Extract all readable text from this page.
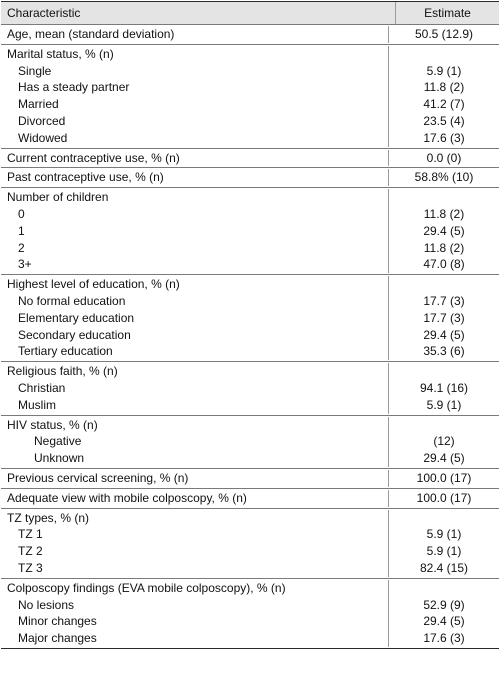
Characteristic	Estimate
Age, mean (standard deviation)	50.5 (12.9)
Marital status, % (n)
Single	5.9 (1)
Has a steady partner	11.8 (2)
Married	41.2 (7)
Divorced	23.5 (4)
Widowed	17.6 (3)
Current contraceptive use, % (n)	0.0 (0)
Past contraceptive use, % (n)	58.8% (10)
Number of children
0	11.8 (2)
1	29.4 (5)
2	11.8 (2)
3+	47.0 (8)
Highest level of education, % (n)
No formal education	17.7 (3)
Elementary education	17.7 (3)
Secondary education	29.4 (5)
Tertiary education	35.3 (6)
Religious faith, % (n)
Christian	94.1 (16)
Muslim	5.9 (1)
HIV status, % (n)
Negative	(12)
Unknown	29.4 (5)
Previous cervical screening, % (n)	100.0 (17)
Adequate view with mobile colposcopy, % (n)	100.0 (17)
TZ types, % (n)
TZ 1	5.9 (1)
TZ 2	5.9 (1)
TZ 3	82.4 (15)
Colposcopy findings (EVA mobile colposcopy), % (n)
No lesions	52.9 (9)
Minor changes	29.4 (5)
Major changes	17.6 (3)
